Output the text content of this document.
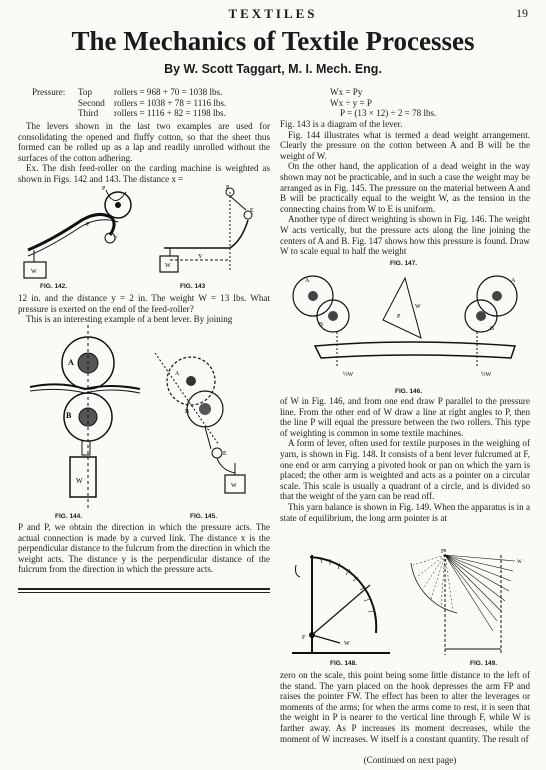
TEXTILES	19
The Mechanics of Textile Processes
By W. Scott Taggart, M. I. Mech. Eng.
Pressure:	Top	rollers = 968 + 70 = 1038 lbs.
Second	rollers = 1038 + 78 = 1116 lbs.
Third	rollers = 1116 + 82 = 1198 lbs.

The levers shown in the last two examples are used for consolidating the opened and fluffy cotton, so that the sheet thus formed can be rolled up as a lap and readily unrolled without the surfaces of the cotton adhering.

Ex. The dish feed-roller on the carding machine is weighted as shown in Figs. 142 and 143. The distance x =

F
P
P
W
FIG. 142.
W
Y
P
E
FIG. 143

12 in. and the distance y = 2 in. The weight W = 13 lbs. What pressure is exerted on the end of the feed-roller?

This is an interesting example of a bent lever. By joining

A
B
W
FIG. 144.
A
B
E
W
FIG. 145.

P and P, we obtain the direction in which the pressure acts. The actual connection is made by a curved link. The distance x is the perpendicular distance to the fulcrum from the direction in which the weight acts. The distance y is the perpendicular distance of the fulcrum from the direction in which the pressure acts.

Wx = Py
Wx ÷ y = P
P = (13 × 12) ÷ 2 = 78 lbs.

Fig. 143 is a diagram of the lever.

Fig. 144 illustrates what is termed a dead weight arrangement. Clearly the pressure on the cotton between A and B will be the weight of W.

On the other hand, the application of a dead weight in the way shown may not be practicable, and in such a case the weight may be arranged as in Fig. 145. The pressure on the material between A and B will be practically equal to the weight W, as the tension in the connecting chains from W to E is uniform.

Another type of direct weighting is shown in Fig. 146. The weight W acts vertically, but the pressure acts along the line joining the centers of A and B. Fig. 147 shows how this pressure is found. Draw W to scale equal to half the weight

FIG. 147.
A
B
A
B
W
P
½W	½W
FIG. 146.

of W in Fig. 146, and from one end draw P parallel to the pressure line. From the other end of W draw a line at right angles to P, then the line P will equal the pressure between the two rollers. This type of weighting is common in some textile machines.

A form of lever, often used for textile purposes in the weighing of yarn, is shown in Fig. 148. It consists of a bent lever fulcrumed at F, one end or arm carrying a pivoted hook or pan on which the yarn is placed; the other arm is weighted and acts as a pointer on a circular scale. This scale is usually a quadrant of a circle, and is divided so that the weight of the yarn can be read off.

This yarn balance is shown in Fig. 149. When the apparatus is in a state of equilibrium, the long arm pointer is at

F
W
FIG. 148.
F
W
FIG. 149.

zero on the scale, this point being some little distance to the left of the stand. The yarn placed on the hook depresses the arm FP and raises the pointer FW. The effect has been to alter the leverages or moments of the arms; for when the arms come to rest, it is seen that the weight in P is nearer to the vertical line through F, while W is farther away. As P increases its moment decreases, while the moment of W increases. W itself is a constant quantity. The result of

(Continued on next page)
